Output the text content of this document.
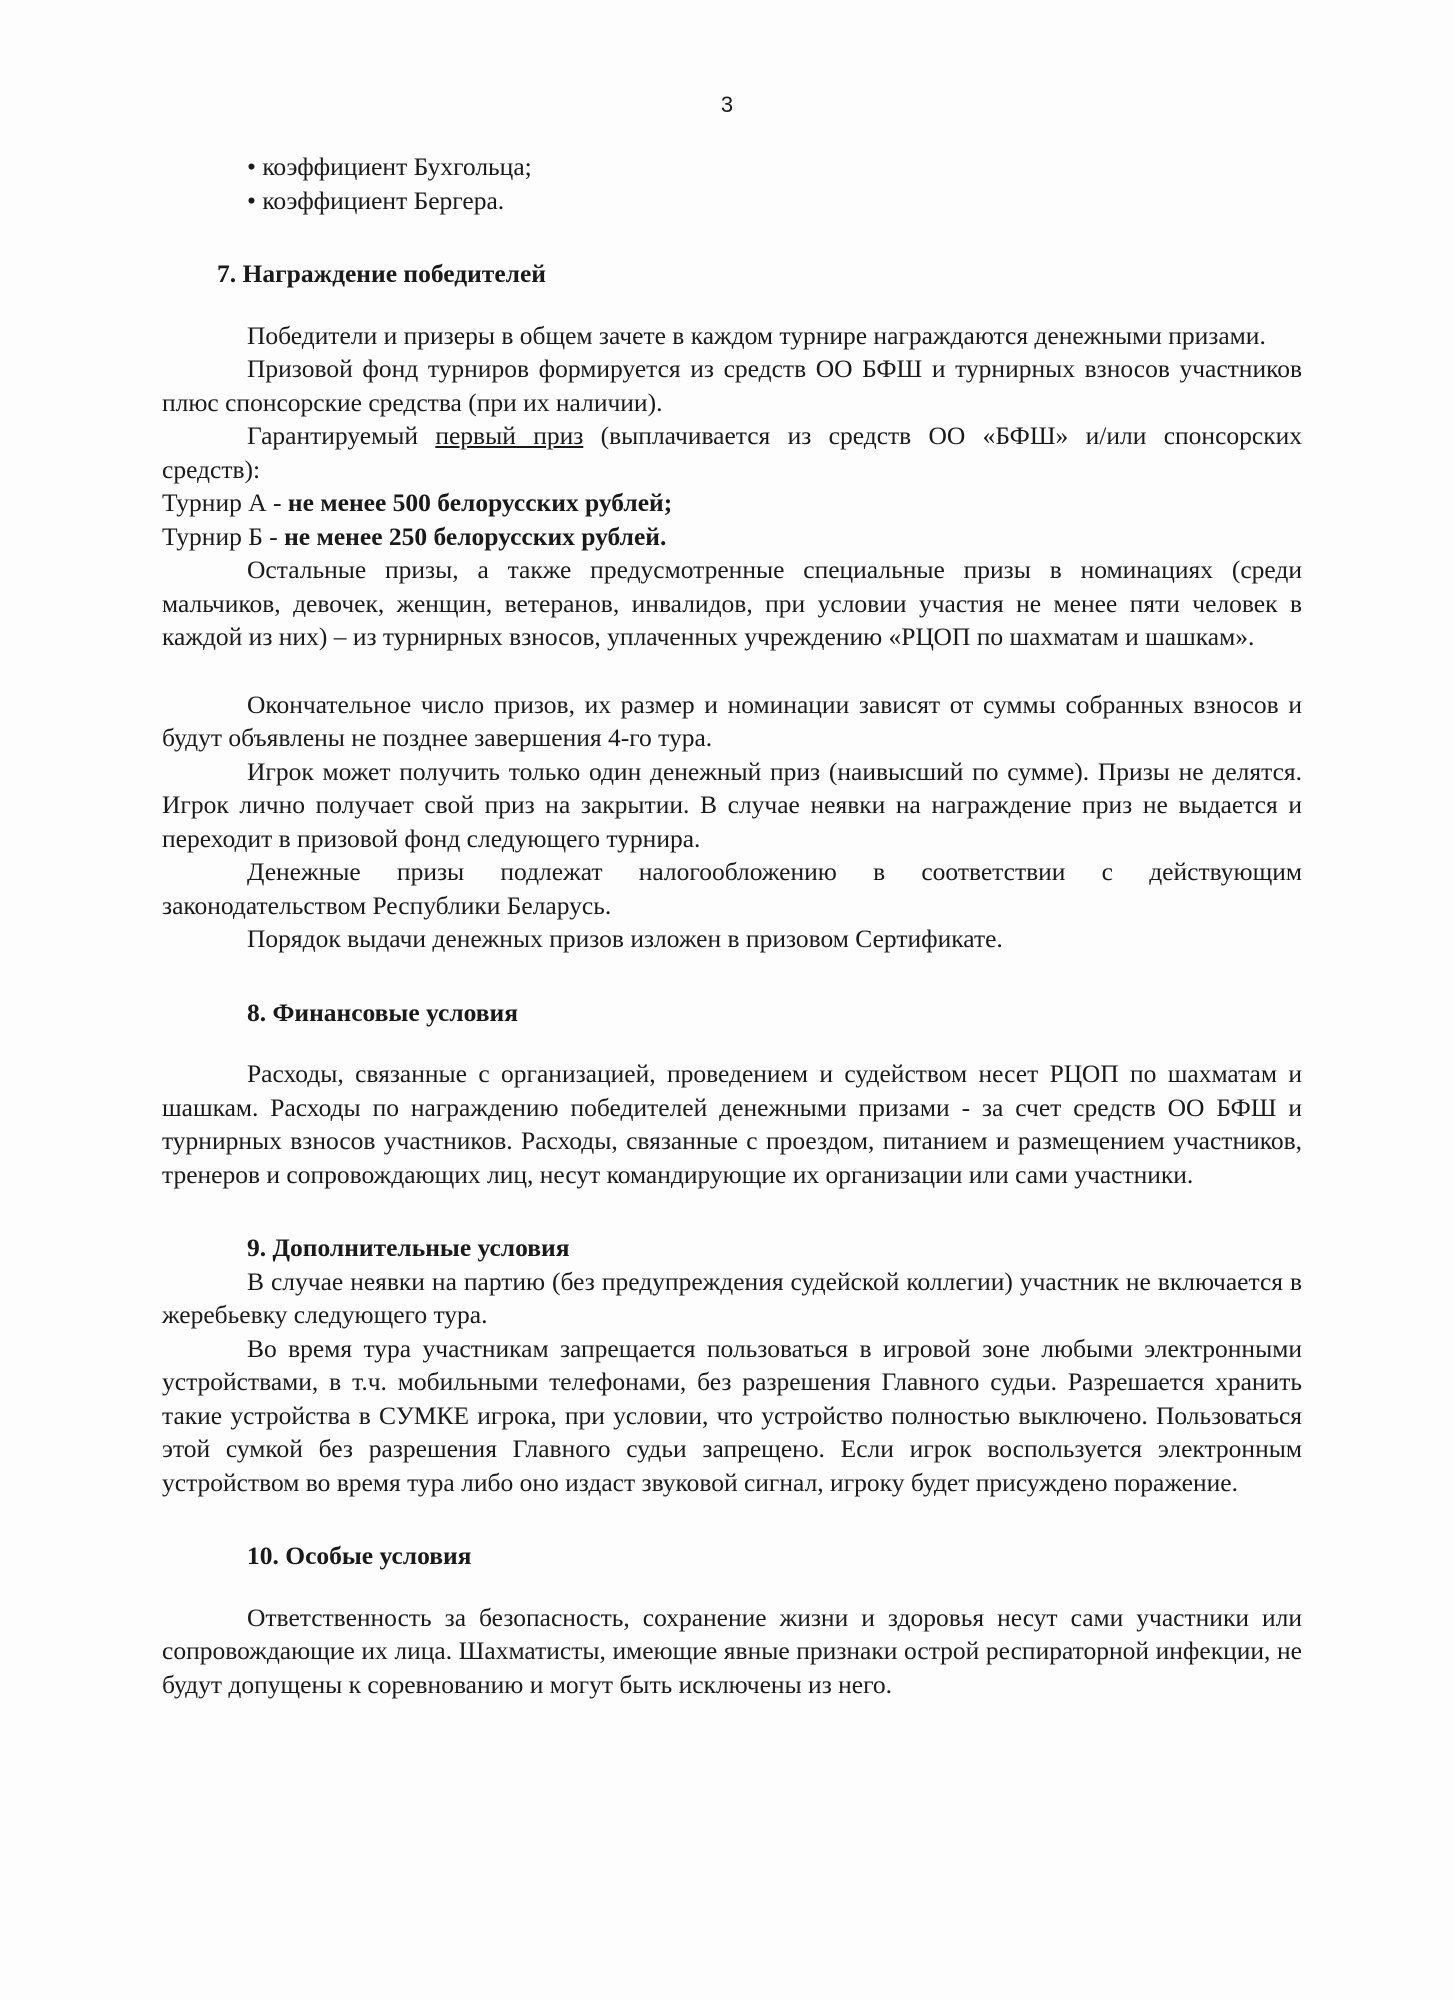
3
• коэффициент Бухгольца;
• коэффициент Бергера.
7. Награждение победителей

Победители и призеры в общем зачете в каждом турнире награждаются денежными призами.

Призовой фонд турниров формируется из средств ОО БФШ и турнирных взносов участников плюс спонсорские средства (при их наличии).

Гарантируемый первый приз (выплачивается из средств ОО «БФШ» и/или спонсорских средств):

Турнир А - не менее 500 белорусских рублей;

Турнир Б - не менее 250 белорусских рублей.

Остальные призы, а также предусмотренные специальные призы в номинациях (среди мальчиков, девочек, женщин, ветеранов, инвалидов, при условии участия не менее пяти человек в каждой из них) – из турнирных взносов, уплаченных учреждению «РЦОП по шахматам и шашкам».

Окончательное число призов, их размер и номинации зависят от суммы собранных взносов и будут объявлены не позднее завершения 4-го тура.

Игрок может получить только один денежный приз (наивысший по сумме). Призы не делятся. Игрок лично получает свой приз на закрытии. В случае неявки на награждение приз не выдается и переходит в призовой фонд следующего турнира.

Денежные призы подлежат налогообложению в соответствии с действующим законодательством Республики Беларусь.

Порядок выдачи денежных призов изложен в призовом Сертификате.

8. Финансовые условия

Расходы, связанные с организацией, проведением и судейством несет РЦОП по шахматам и шашкам. Расходы по награждению победителей денежными призами - за счет средств ОО БФШ и турнирных взносов участников. Расходы, связанные с проездом, питанием и размещением участников, тренеров и сопровождающих лиц, несут командирующие их организации или сами участники.

9. Дополнительные условия

В случае неявки на партию (без предупреждения судейской коллегии) участник не включается в жеребьевку следующего тура.

Во время тура участникам запрещается пользоваться в игровой зоне любыми электронными устройствами, в т.ч. мобильными телефонами, без разрешения Главного судьи. Разрешается хранить такие устройства в СУМКЕ игрока, при условии, что устройство полностью выключено. Пользоваться этой сумкой без разрешения Главного судьи запрещено. Если игрок воспользуется электронным устройством во время тура либо оно издаст звуковой сигнал, игроку будет присуждено поражение.

10. Особые условия

Ответственность за безопасность, сохранение жизни и здоровья несут сами участники или сопровождающие их лица. Шахматисты, имеющие явные признаки острой респираторной инфекции, не будут допущены к соревнованию и могут быть исключены из него.
